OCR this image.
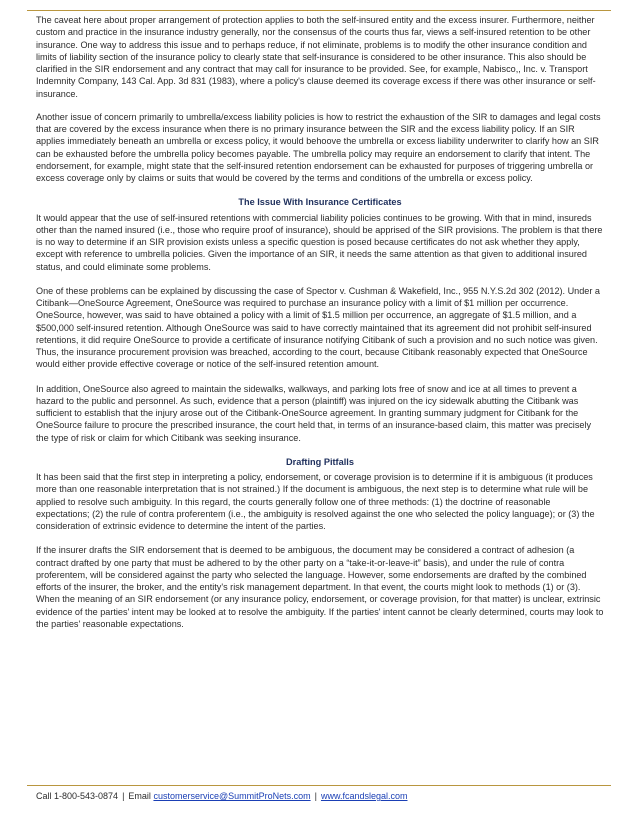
The caveat here about proper arrangement of protection applies to both the self-insured entity and the excess insurer. Furthermore, neither custom and practice in the insurance industry generally, nor the consensus of the courts thus far, views a self-insured retention to be other insurance. One way to address this issue and to perhaps reduce, if not eliminate, problems is to modify the other insurance condition and limits of liability section of the insurance policy to clearly state that self-insurance is considered to be other insurance. This also should be clarified in the SIR endorsement and any contract that may call for insurance to be provided. See, for example, Nabisco,, Inc. v. Transport Indemnity Company, 143 Cal. App. 3d 831 (1983), where a policy's clause deemed its coverage excess if there was other insurance or self-insurance.

Another issue of concern primarily to umbrella/excess liability policies is how to restrict the exhaustion of the SIR to damages and legal costs that are covered by the excess insurance when there is no primary insurance between the SIR and the excess liability policy. If an SIR applies immediately beneath an umbrella or excess policy, it would behoove the umbrella or excess liability underwriter to clarify how an SIR can be exhausted before the umbrella policy becomes payable. The umbrella policy may require an endorsement to clarify that intent. The endorsement, for example, might state that the self-insured retention endorsement can be exhausted for purposes of triggering umbrella or excess coverage only by claims or suits that would be covered by the terms and conditions of the umbrella or excess policy.

The Issue With Insurance Certificates

It would appear that the use of self-insured retentions with commercial liability policies continues to be growing. With that in mind, insureds other than the named insured (i.e., those who require proof of insurance), should be apprised of the SIR provisions. The problem is that there is no way to determine if an SIR provision exists unless a specific question is posed because certificates do not ask whether they apply, except with reference to umbrella policies. Given the importance of an SIR, it needs the same attention as that given to additional insured status, and could eliminate some problems.

One of these problems can be explained by discussing the case of Spector v. Cushman & Wakefield, Inc., 955 N.Y.S.2d 302 (2012). Under a Citibank—OneSource Agreement, OneSource was required to purchase an insurance policy with a limit of $1 million per occurrence. OneSource, however, was said to have obtained a policy with a limit of $1.5 million per occurrence, an aggregate of $1.5 million, and a $500,000 self-insured retention. Although OneSource was said to have correctly maintained that its agreement did not prohibit self-insured retentions, it did require OneSource to provide a certificate of insurance notifying Citibank of such a provision and no such notice was given. Thus, the insurance procurement provision was breached, according to the court, because Citibank reasonably expected that OneSource would either provide effective coverage or notice of the self-insured retention amount.

In addition, OneSource also agreed to maintain the sidewalks, walkways, and parking lots free of snow and ice at all times to prevent a hazard to the public and personnel. As such, evidence that a person (plaintiff) was injured on the icy sidewalk abutting the Citibank was sufficient to establish that the injury arose out of the Citibank-OneSource agreement. In granting summary judgment for Citibank for the OneSource failure to procure the prescribed insurance, the court held that, in terms of an insurance-based claim, this matter was precisely the type of risk or claim for which Citibank was seeking insurance.

Drafting Pitfalls

It has been said that the first step in interpreting a policy, endorsement, or coverage provision is to determine if it is ambiguous (it produces more than one reasonable interpretation that is not strained.) If the document is ambiguous, the next step is to determine what rule will be applied to resolve such ambiguity. In this regard, the courts generally follow one of three methods: (1) the doctrine of reasonable expectations; (2) the rule of contra proferentem (i.e., the ambiguity is resolved against the one who selected the policy language); or (3) the consideration of extrinsic evidence to determine the intent of the parties.

If the insurer drafts the SIR endorsement that is deemed to be ambiguous, the document may be considered a contract of adhesion (a contract drafted by one party that must be adhered to by the other party on a “take-it-or-leave-it” basis), and under the rule of contra proferentem, will be considered against the party who selected the language. However, some endorsements are drafted by the combined efforts of the insurer, the broker, and the entity's risk management department. In that event, the courts might look to methods (1) or (3). When the meaning of an SIR endorsement (or any insurance policy, endorsement, or coverage provision, for that matter) is unclear, extrinsic evidence of the parties' intent may be looked at to resolve the ambiguity. If the parties' intent cannot be clearly determined, courts may look to the parties' reasonable expectations.

Call 1-800-543-0874 | Email customerservice@SummitProNets.com | www.fcandslegal.com
